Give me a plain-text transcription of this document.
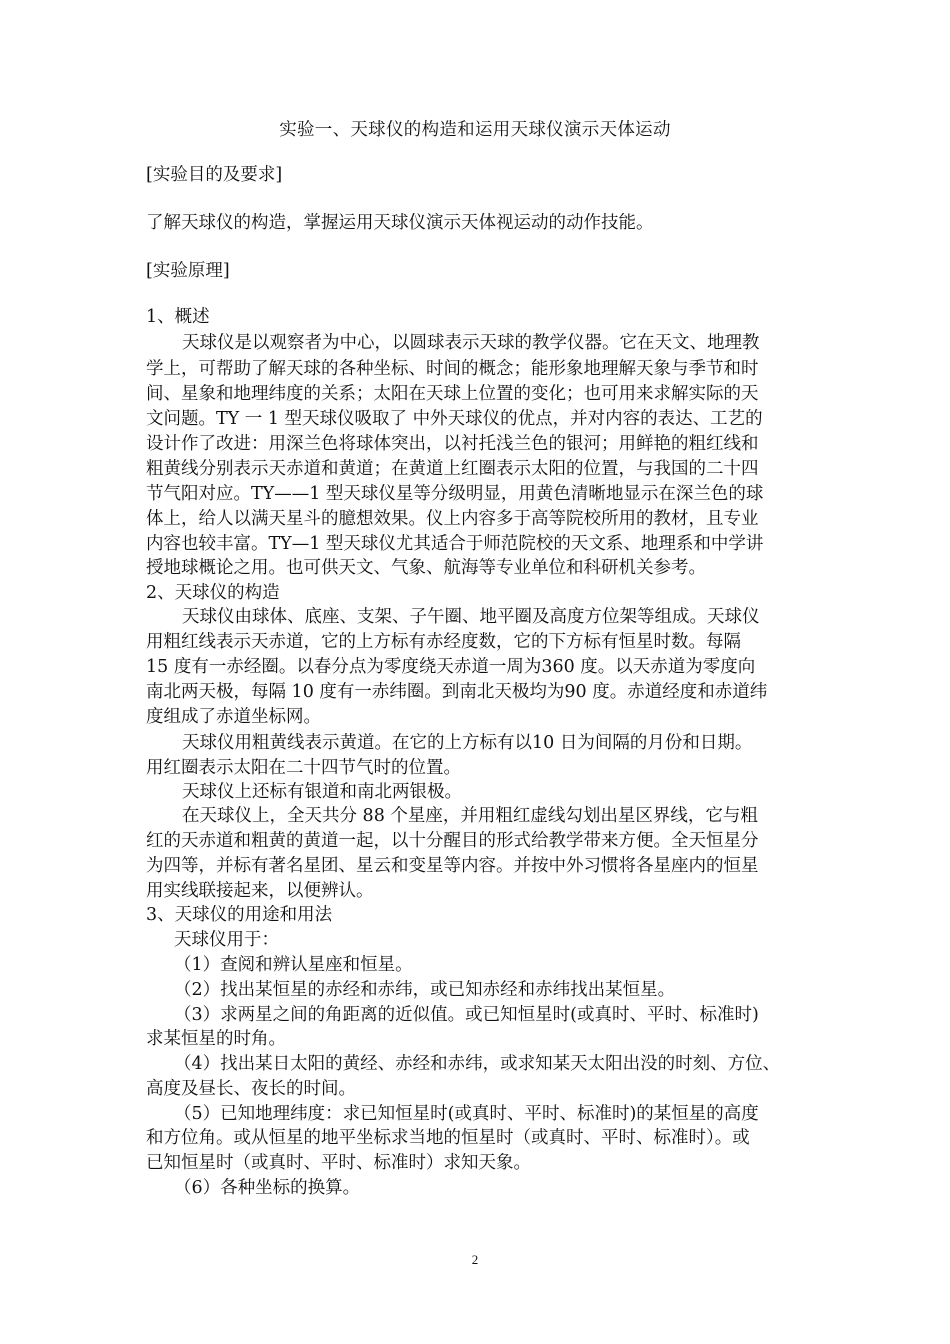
实验一、天球仪的构造和运用天球仪演示天体运动
[实验目的及要求]
了解天球仪的构造，掌握运用天球仪演示天体视运动的动作技能。
[实验原理]
1、概述
天球仪是以观察者为中心，以圆球表示天球的教学仪器。它在天文、地理教
学上，可帮助了解天球的各种坐标、时间的概念；能形象地理解天象与季节和时
间、星象和地理纬度的关系；太阳在天球上位置的变化；也可用来求解实际的天
文问题。TY 一 1 型天球仪吸取了 中外天球仪的优点，并对内容的表达、工艺的
设计作了改进：用深兰色将球体突出，以衬托浅兰色的银河；用鲜艳的粗红线和
粗黄线分别表示天赤道和黄道；在黄道上红圈表示太阳的位置，与我国的二十四
节气阳对应。TY——1 型天球仪星等分级明显，用黄色清晰地显示在深兰色的球
体上，给人以满天星斗的臆想效果。仪上内容多于高等院校所用的教材，且专业
内容也较丰富。TY—1 型天球仪尤其适合于师范院校的天文系、地理系和中学讲
授地球概论之用。也可供天文、气象、航海等专业单位和科研机关参考。
2、天球仪的构造
天球仪由球体、底座、支架、子午圈、地平圈及高度方位架等组成。天球仪
用粗红线表示天赤道，它的上方标有赤经度数，它的下方标有恒星时数。每隔
15 度有一赤经圈。以春分点为零度绕天赤道一周为360 度。以天赤道为零度向
南北两天极，每隔 10 度有一赤纬圈。到南北天极均为90 度。赤道经度和赤道纬
度组成了赤道坐标网。
天球仪用粗黄线表示黄道。在它的上方标有以10 日为间隔的月份和日期。
用红圈表示太阳在二十四节气时的位置。
天球仪上还标有银道和南北两银极。
在天球仪上，全天共分 88 个星座，并用粗红虚线勾划出星区界线，它与粗
红的天赤道和粗黄的黄道一起，以十分醒目的形式给教学带来方便。全天恒星分
为四等，并标有著名星团、星云和变星等内容。并按中外习惯将各星座内的恒星
用实线联接起来，以便辨认。
3、天球仪的用途和用法
天球仪用于：
（1）查阅和辨认星座和恒星。
（2）找出某恒星的赤经和赤纬，或已知赤经和赤纬找出某恒星。
（3）求两星之间的角距离的近似值。或已知恒星时(或真时、平时、标准时)
求某恒星的时角。
（4）找出某日太阳的黄经、赤经和赤纬，或求知某天太阳出没的时刻、方位、
高度及昼长、夜长的时间。
（5）已知地理纬度：求已知恒星时(或真时、平时、标准时)的某恒星的高度
和方位角。或从恒星的地平坐标求当地的恒星时（或真时、平时、标准时）。或
已知恒星时（或真时、平时、标准时）求知天象。
（6）各种坐标的换算。
2
